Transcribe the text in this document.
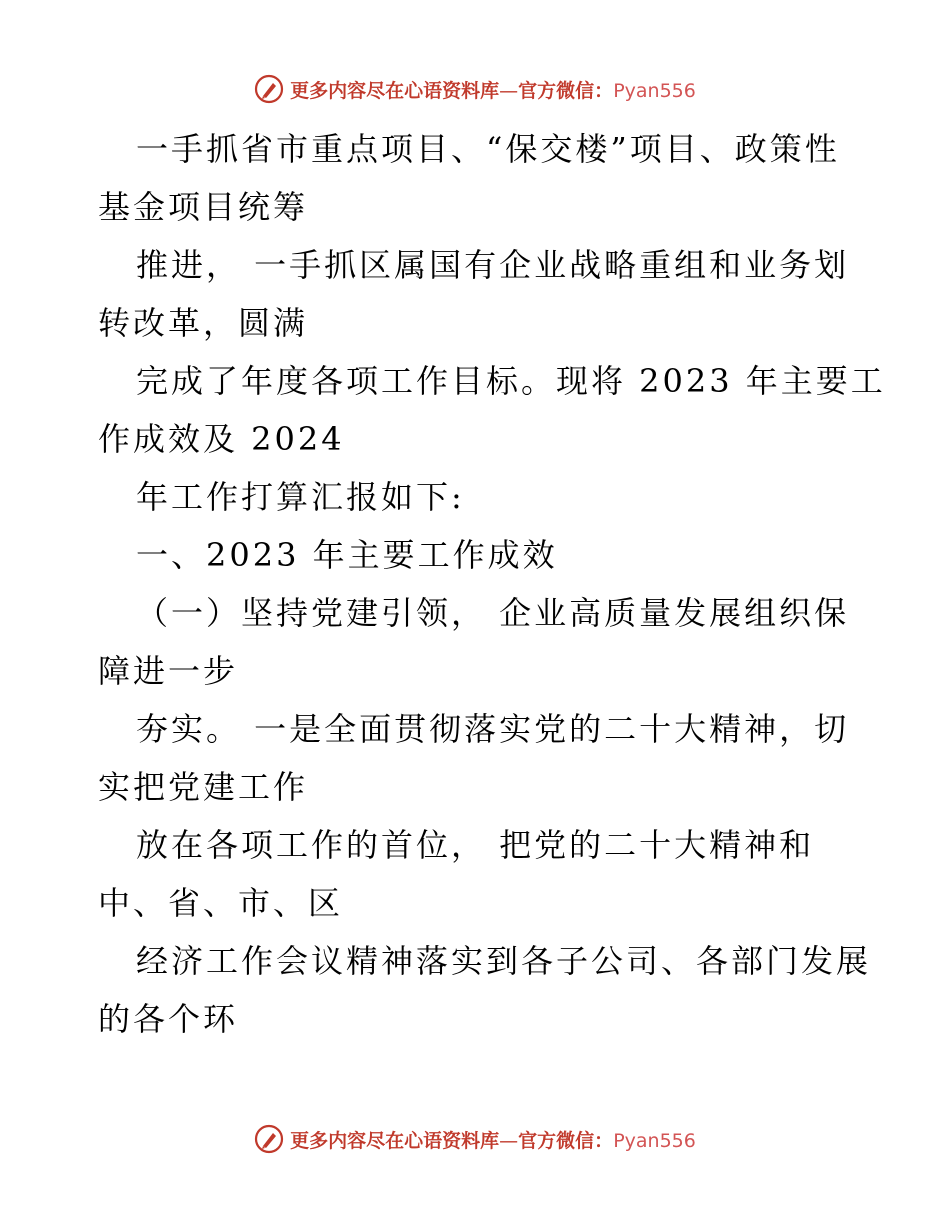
更多内容尽在心语资料库—官方微信：Pyan556
一手抓省市重点项目、“保交楼”项目、政策性
基金项目统筹
推进， 一手抓区属国有企业战略重组和业务划
转改革，圆满
完成了年度各项工作目标。现将 2023 年主要工
作成效及 2024
年工作打算汇报如下:
一、2023 年主要工作成效
（一）坚持党建引领， 企业高质量发展组织保
障进一步
夯实。 一是全面贯彻落实党的二十大精神，切
实把党建工作
放在各项工作的首位， 把党的二十大精神和
中、省、市、区
经济工作会议精神落实到各子公司、各部门发展
的各个环
更多内容尽在心语资料库—官方微信：Pyan556
